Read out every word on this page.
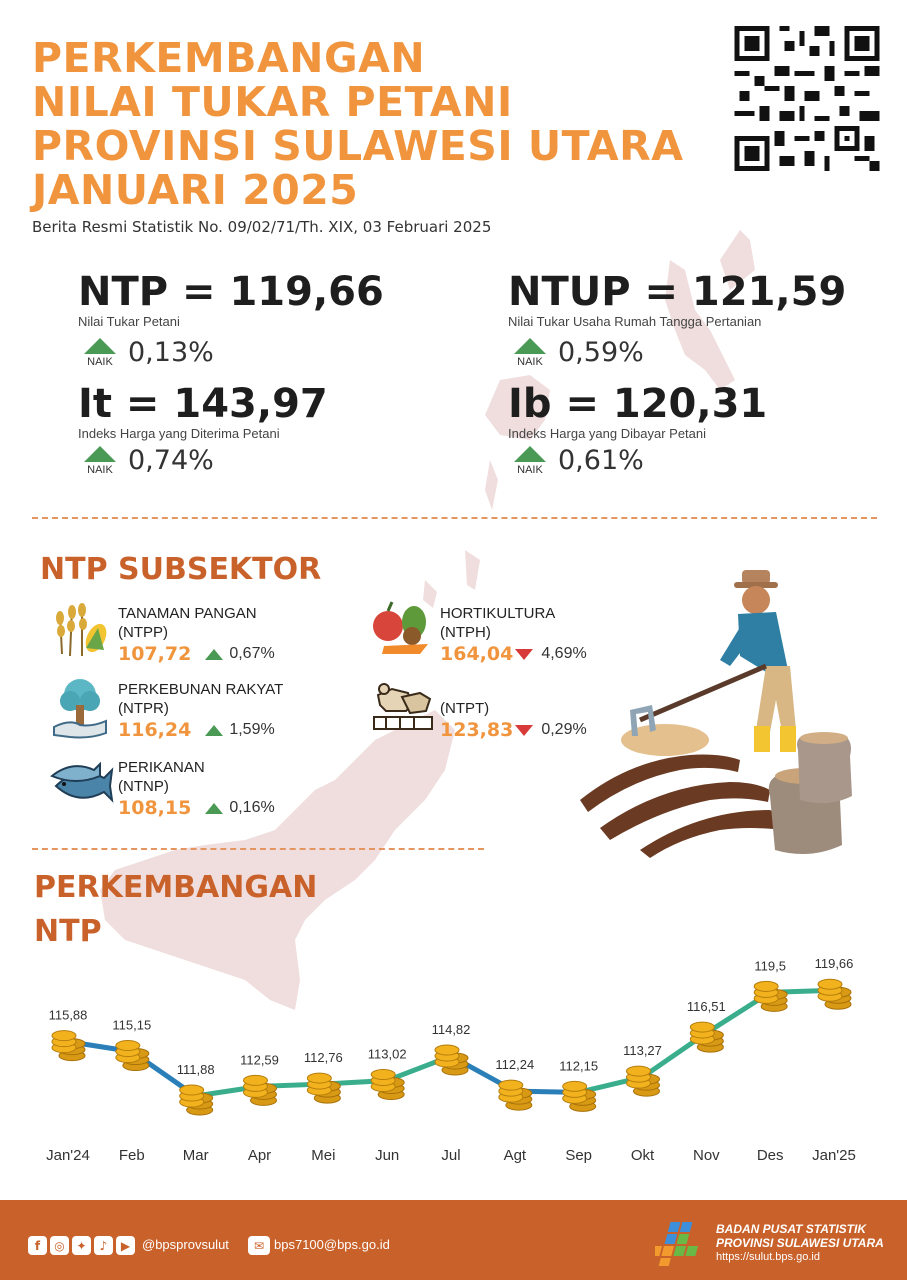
PERKEMBANGAN
NILAI TUKAR PETANI
PROVINSI SULAWESI UTARA
JANUARI 2025
Berita Resmi Statistik No. 09/02/71/Th. XIX, 03 Februari 2025
NTP = 119,66
Nilai Tukar Petani
NAIK 0,13%
It = 143,97
Indeks Harga yang Diterima Petani
NAIK 0,74%
NTUP = 121,59
Nilai Tukar Usaha Rumah Tangga Pertanian
NAIK 0,59%
Ib = 120,31
Indeks Harga yang Dibayar Petani
NAIK 0,61%
NTP SUBSEKTOR
TANAMAN PANGAN
(NTPP)
107,72 0,67%
PERKEBUNAN RAKYAT
(NTPR)
116,24 1,59%
PERIKANAN
(NTNP)
108,15 0,16%
HORTIKULTURA
(NTPH)
164,04 4,69%
(NTPT)
123,83 0,29%
PERKEMBANGAN
NTP
115,88
Jan'24
115,15
Feb
111,88
Mar
112,59
Apr
112,76
Mei
113,02
Jun
114,82
Jul
112,24
Agt
112,15
Sep
113,27
Okt
116,51
Nov
119,5
Des
119,66
Jan'25
f	◎ ✦	♪	▶ @bpsprovsulut	✉ bps7100@bps.go.id
BADAN PUSAT STATISTIK
PROVINSI SULAWESI UTARA
https://sulut.bps.go.id
